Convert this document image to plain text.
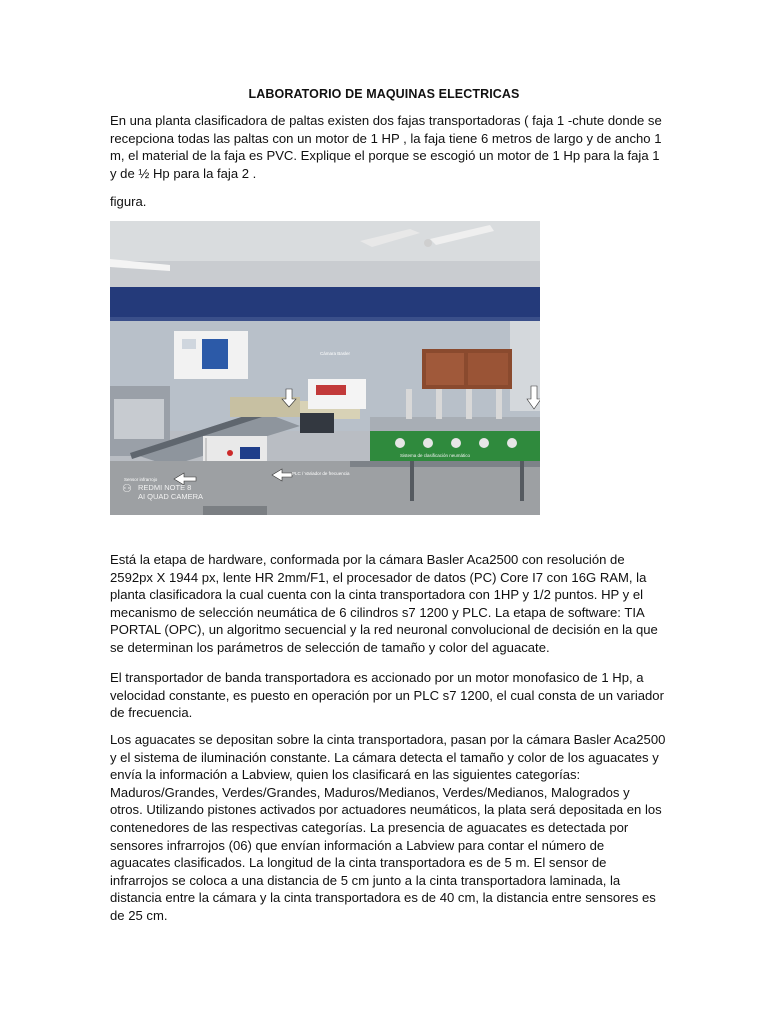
LABORATORIO DE MAQUINAS ELECTRICAS

En una planta clasificadora de paltas existen dos fajas transportadoras ( faja 1 -chute donde se recepciona todas las paltas con un motor de 1 HP , la faja tiene 6 metros de largo y de ancho 1 m, el material de la faja es PVC. Explique el porque se escogió un motor de 1 Hp para la faja 1 y de ½ Hp para la faja 2 .

figura.

PLC / Variador de frecuencia
Cámara Basler
Sistema de clasificación neumático
Sensor infrarrojo
⚇ REDMI NOTE 8
AI QUAD CAMERA

Está la etapa de hardware, conformada por la cámara Basler Aca2500 con resolución de 2592px X 1944 px, lente HR 2mm/F1, el procesador de datos (PC) Core I7 con 16G RAM, la planta clasificadora la cual cuenta con la cinta transportadora con 1HP y 1/2 puntos. HP y el mecanismo de selección neumática de 6 cilindros s7 1200 y PLC. La etapa de software: TIA PORTAL (OPC), un algoritmo secuencial y la red neuronal convolucional de decisión en la que se determinan los parámetros de selección de tamaño y color del aguacate.

El transportador de banda transportadora es accionado por un motor monofasico de 1 Hp, a velocidad constante, es puesto en operación por un PLC s7 1200, el cual consta de un variador de frecuencia.

Los aguacates se depositan sobre la cinta transportadora, pasan por la cámara Basler Aca2500 y el sistema de iluminación constante. La cámara detecta el tamaño y color de los aguacates y envía la información a Labview, quien los clasificará en las siguientes categorías: Maduros/Grandes, Verdes/Grandes, Maduros/Medianos, Verdes/Medianos, Malogrados y otros. Utilizando pistones activados por actuadores neumáticos, la plata será depositada en los contenedores de las respectivas categorías. La presencia de aguacates es detectada por sensores infrarrojos (06) que envían información a Labview para contar el número de aguacates clasificados. La longitud de la cinta transportadora es de 5 m. El sensor de infrarrojos se coloca a una distancia de 5 cm junto a la cinta transportadora laminada, la distancia entre la cámara y la cinta transportadora es de 40 cm, la distancia entre sensores es de 25 cm.
